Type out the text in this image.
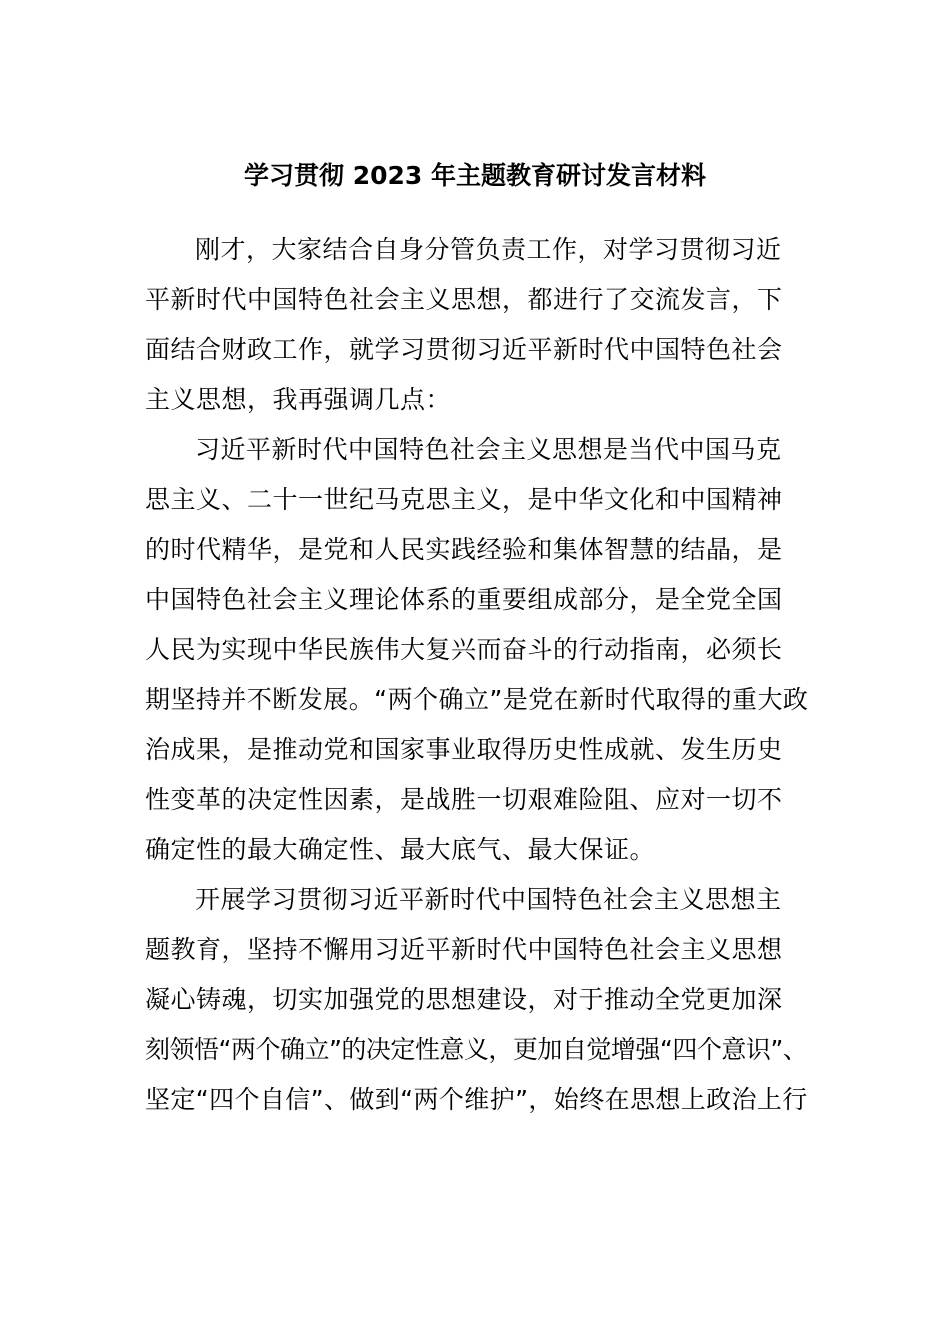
学习贯彻 2023 年主题教育研讨发言材料
刚才，大家结合自身分管负责工作，对学习贯彻习近
平新时代中国特色社会主义思想，都进行了交流发言，下
面结合财政工作，就学习贯彻习近平新时代中国特色社会
主义思想，我再强调几点：
习近平新时代中国特色社会主义思想是当代中国马克
思主义、二十一世纪马克思主义，是中华文化和中国精神
的时代精华，是党和人民实践经验和集体智慧的结晶，是
中国特色社会主义理论体系的重要组成部分，是全党全国
人民为实现中华民族伟大复兴而奋斗的行动指南，必须长
期坚持并不断发展。“两个确立”是党在新时代取得的重大政
治成果，是推动党和国家事业取得历史性成就、发生历史
性变革的决定性因素，是战胜一切艰难险阻、应对一切不
确定性的最大确定性、最大底气、最大保证。
开展学习贯彻习近平新时代中国特色社会主义思想主
题教育，坚持不懈用习近平新时代中国特色社会主义思想
凝心铸魂，切实加强党的思想建设，对于推动全党更加深
刻领悟“两个确立”的决定性意义，更加自觉增强“四个意识”、
坚定“四个自信”、做到“两个维护”，始终在思想上政治上行
